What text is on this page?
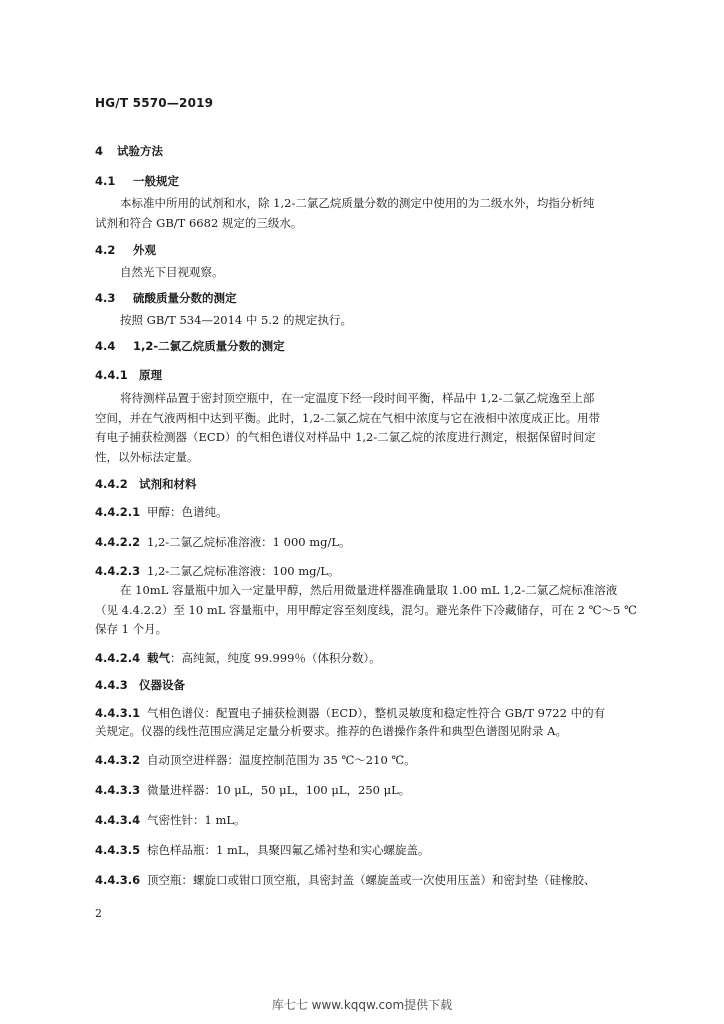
HG/T 5570—2019
4 试验方法
4.1 一般规定
本标准中所用的试剂和水，除 1,2-二氯乙烷质量分数的测定中使用的为二级水外，均指分析纯
试剂和符合 GB/T 6682 规定的三级水。
4.2 外观
自然光下目视观察。
4.3 硫酸质量分数的测定
按照 GB/T 534—2014 中 5.2 的规定执行。
4.4 1,2-二氯乙烷质量分数的测定
4.4.1 原理
将待测样品置于密封顶空瓶中，在一定温度下经一段时间平衡，样品中 1,2-二氯乙烷逸至上部
空间，并在气液两相中达到平衡。此时，1,2-二氯乙烷在气相中浓度与它在液相中浓度成正比。用带
有电子捕获检测器（ECD）的气相色谱仪对样品中 1,2-二氯乙烷的浓度进行测定，根据保留时间定
性，以外标法定量。
4.4.2 试剂和材料
4.4.2.1 甲醇：色谱纯。
4.4.2.2 1,2-二氯乙烷标准溶液：1 000 mg/L。
4.4.2.3 1,2-二氯乙烷标准溶液：100 mg/L。
在 10mL 容量瓶中加入一定量甲醇，然后用微量进样器准确量取 1.00 mL 1,2-二氯乙烷标准溶液
（见 4.4.2.2）至 10 mL 容量瓶中，用甲醇定容至刻度线，混匀。避光条件下冷藏储存，可在 2 ℃～5 ℃
保存 1 个月。
4.4.2.4 载气：高纯氮，纯度 99.999％（体积分数）。
4.4.3 仪器设备
4.4.3.1 气相色谱仪：配置电子捕获检测器（ECD），整机灵敏度和稳定性符合 GB/T 9722 中的有
关规定。仪器的线性范围应满足定量分析要求。推荐的色谱操作条件和典型色谱图见附录 A。
4.4.3.2 自动顶空进样器：温度控制范围为 35 ℃～210 ℃。
4.4.3.3 微量进样器：10 μL，50 μL，100 μL，250 μL。
4.4.3.4 气密性针：1 mL。
4.4.3.5 棕色样品瓶：1 mL，具聚四氟乙烯衬垫和实心螺旋盖。
4.4.3.6 顶空瓶：螺旋口或钳口顶空瓶，具密封盖（螺旋盖或一次使用压盖）和密封垫（硅橡胶、
2
库七七 www.kqqw.com提供下载
